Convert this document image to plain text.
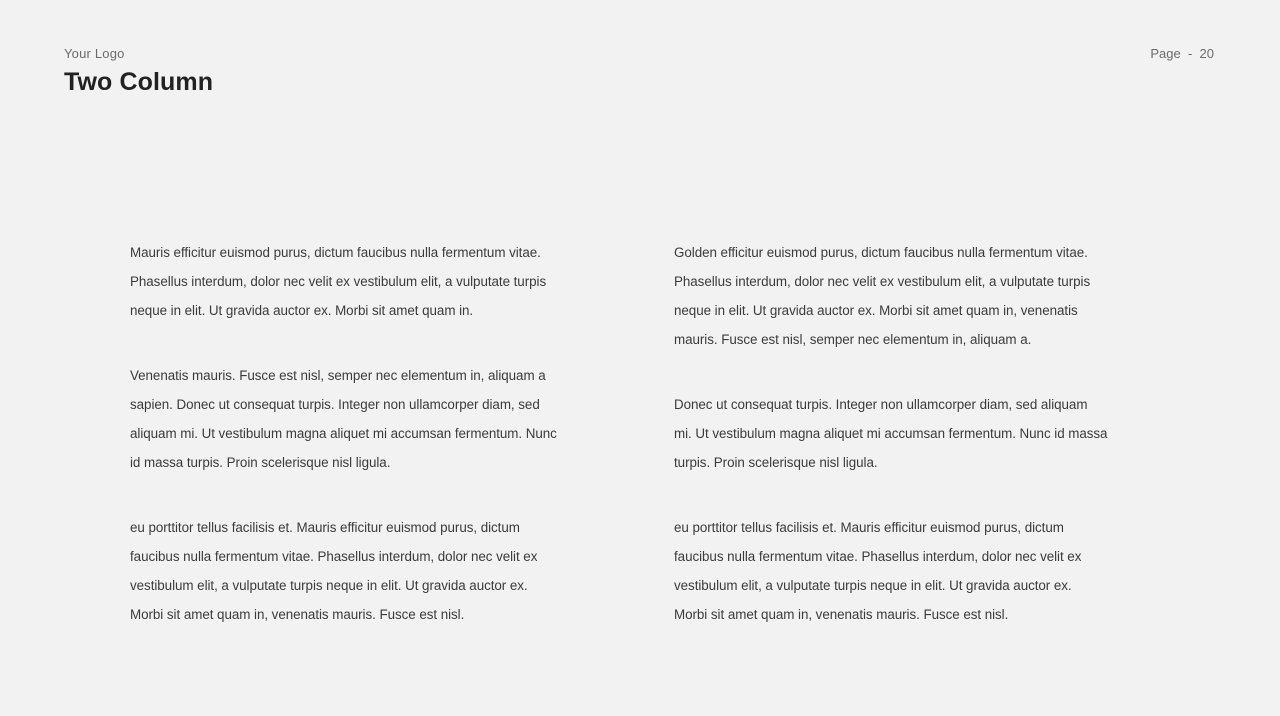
Your Logo
Two Column
Page  -  20

Mauris efficitur euismod purus, dictum faucibus nulla fermentum vitae.
Phasellus interdum, dolor nec velit ex vestibulum elit, a vulputate turpis
neque in elit. Ut gravida auctor ex. Morbi sit amet quam in.

Venenatis mauris. Fusce est nisl, semper nec elementum in, aliquam a
sapien. Donec ut consequat turpis. Integer non ullamcorper diam, sed
aliquam mi. Ut vestibulum magna aliquet mi accumsan fermentum. Nunc
id massa turpis. Proin scelerisque nisl ligula.

eu porttitor tellus facilisis et. Mauris efficitur euismod purus, dictum
faucibus nulla fermentum vitae. Phasellus interdum, dolor nec velit ex
vestibulum elit, a vulputate turpis neque in elit. Ut gravida auctor ex.
Morbi sit amet quam in, venenatis mauris. Fusce est nisl.

Golden efficitur euismod purus, dictum faucibus nulla fermentum vitae.
Phasellus interdum, dolor nec velit ex vestibulum elit, a vulputate turpis
neque in elit. Ut gravida auctor ex. Morbi sit amet quam in, venenatis
mauris. Fusce est nisl, semper nec elementum in, aliquam a.

Donec ut consequat turpis. Integer non ullamcorper diam, sed aliquam
mi. Ut vestibulum magna aliquet mi accumsan fermentum. Nunc id massa
turpis. Proin scelerisque nisl ligula.

eu porttitor tellus facilisis et. Mauris efficitur euismod purus, dictum
faucibus nulla fermentum vitae. Phasellus interdum, dolor nec velit ex
vestibulum elit, a vulputate turpis neque in elit. Ut gravida auctor ex.
Morbi sit amet quam in, venenatis mauris. Fusce est nisl.
